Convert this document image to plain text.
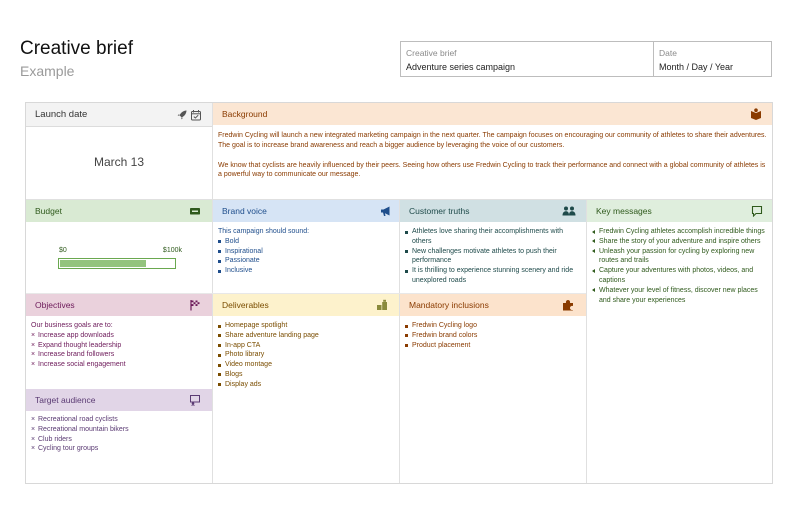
Creative brief
Example
Creative brief
Adventure series campaign
Date
Month / Day / Year
Launch date
March 13
Background
Fredwin Cycling will launch a new integrated marketing campaign in the next quarter. The campaign focuses on encouraging our community of athletes to share their adventures. The goal is to increase brand awareness and reach a bigger audience by leveraging the voice of our customers.
We know that cyclists are heavily influenced by their peers. Seeing how others use Fredwin Cycling to track their performance and connect with a global community of athletes is a powerful way to communicate our message.
Budget
$0	$100k
Brand voice
This campaign should sound:
Bold
Inspirational
Passionate
Inclusive
Customer truths
Athletes love sharing their accomplishments with others
New challenges motivate athletes to push their performance
It is thrilling to experience stunning scenery and ride unexplored roads
Key messages
Fredwin Cycling athletes accomplish incredible things
Share the story of your adventure and inspire others
Unleash your passion for cycling by exploring new routes and trails
Capture your adventures with photos, videos, and captions
Whatever your level of fitness, discover new places and share your experiences
Objectives
Our business goals are to:
× Increase app downloads
× Expand thought leadership
× Increase brand followers
× Increase social engagement
Deliverables
Homepage spotlight
Share adventure landing page
In-app CTA
Photo library
Video montage
Blogs
Display ads
Mandatory inclusions
Fredwin Cycling logo
Fredwin brand colors
Product placement
Target audience
× Recreational road cyclists
× Recreational mountain bikers
× Club riders
× Cycling tour groups
